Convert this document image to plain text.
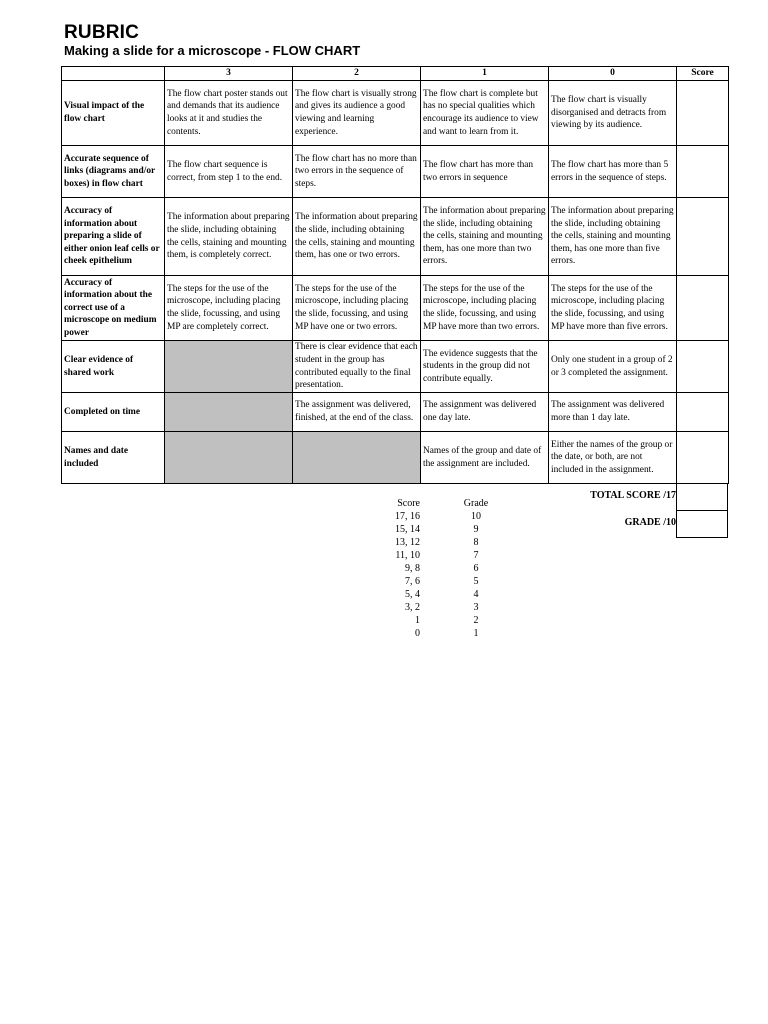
RUBRIC
Making a slide for a microscope - FLOW CHART
	3	2	1	0	Score
Visual impact of the flow chart	The flow chart poster stands out and demands that its audience looks at it and studies the contents.	The flow chart is visually strong and gives its audience a good viewing and learning experience.	The flow chart is complete but has no special qualities which encourage its audience to view and want to learn from it.	The flow chart is visually disorganised and detracts from viewing by its audience.	
Accurate sequence of links (diagrams and/or boxes) in flow chart	The flow chart sequence is correct, from step 1 to the end.	The flow chart has no more than two errors in the sequence of steps.	The flow chart has more than two errors in sequence	The flow chart has more than 5 errors in the sequence of steps.	
Accuracy of information about preparing a slide of either onion leaf cells or cheek epithelium	The information about preparing the slide, including obtaining the cells, staining and mounting them, is completely correct.	The information about preparing the slide, including obtaining the cells, staining and mounting them, has one or two errors.	The information about preparing the slide, including obtaining the cells, staining and mounting them, has one more than two errors.	The information about preparing the slide, including obtaining the cells, staining and mounting them, has one more than five errors.	
Accuracy of information about the correct use of a microscope on medium power	The steps for the use of the microscope, including placing the slide, focussing, and using MP are completely correct.	The steps for the use of the microscope, including placing the slide, focussing, and using MP have one or two errors.	The steps for the use of the microscope, including placing the slide, focussing, and using MP have more than two errors.	The steps for the use of the microscope, including placing the slide, focussing, and using MP have more than five errors.	
Clear evidence of shared work		There is clear evidence that each student in the group has contributed equally to the final presentation.	The evidence suggests that the students in the group did not contribute equally.	Only one student in a group of 2 or 3 completed the assignment.	
Completed on time		The assignment was delivered, finished, at the end of the class.	The assignment was delivered one day late.	The assignment was delivered more than 1 day late.	
Names and date included			Names of the group and date of the assignment are included.	Either the names of the group or the date, or both, are not included in the assignment.	
TOTAL SCORE /17
GRADE /10
Score	Grade
17, 16	10
15, 14	9
13, 12	8
11, 10	7
9, 8	6
7, 6	5
5, 4	4
3, 2	3
1	2
0	1
